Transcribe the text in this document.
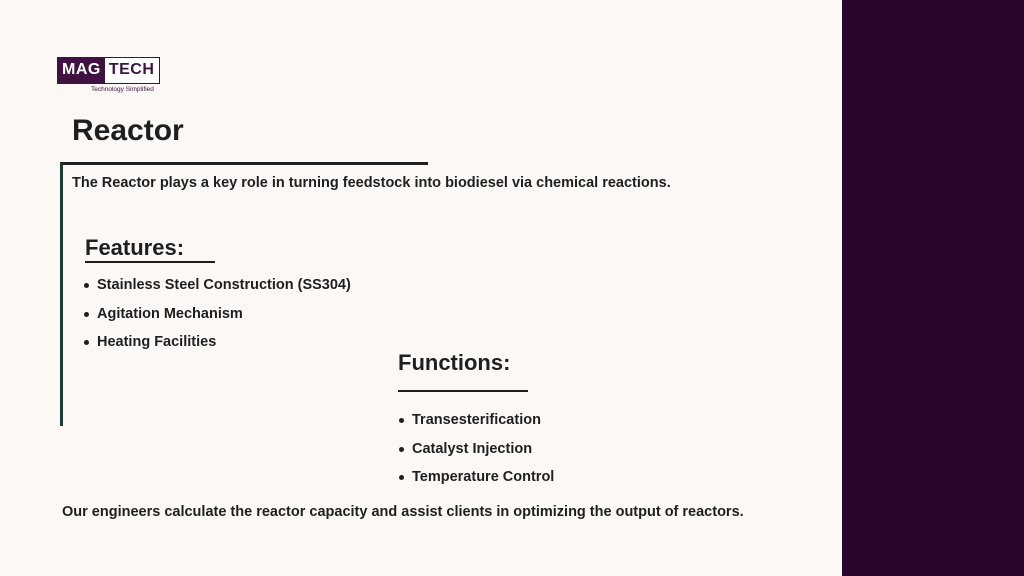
MAG TECH
Technology Simplified
Reactor
The Reactor plays a key role in turning feedstock into biodiesel via chemical reactions.
Features:
Stainless Steel Construction (SS304)
Agitation Mechanism
Heating Facilities
Functions:
Transesterification
Catalyst Injection
Temperature Control
Our engineers calculate the reactor capacity and assist clients in optimizing the output of reactors.
